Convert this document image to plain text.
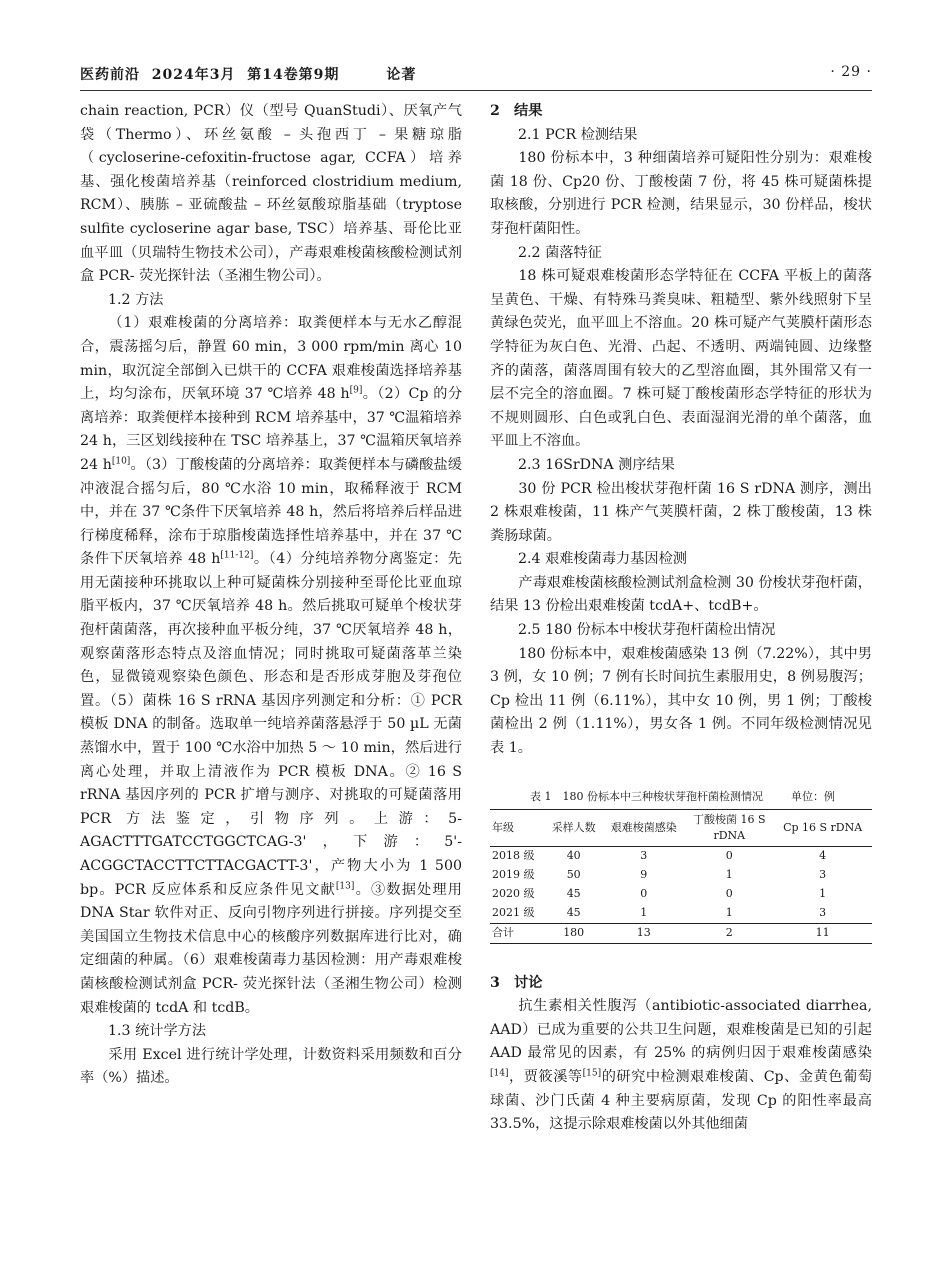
医药前沿  2024年3月  第14卷第9期        论著	· 29 ·

chain reaction, PCR）仪（型号 QuanStudi）、厌氧产气袋（Thermo）、环丝氨酸 – 头孢西丁 – 果糖琼脂（cycloserine-cefoxitin-fructose agar, CCFA）培养基、强化梭菌培养基（reinforced clostridium medium, RCM）、胰胨 – 亚硫酸盐 – 环丝氨酸琼脂基础（tryptose sulfite cycloserine agar base, TSC）培养基、哥伦比亚血平皿（贝瑞特生物技术公司），产毒艰难梭菌核酸检测试剂盒 PCR- 荧光探针法（圣湘生物公司）。

1.2 方法

（1）艰难梭菌的分离培养：取粪便样本与无水乙醇混合，震荡摇匀后，静置 60 min，3 000 rpm/min 离心 10 min，取沉淀全部倒入已烘干的 CCFA 艰难梭菌选择培养基上，均匀涂布，厌氧环境 37 ℃培养 48 h[9]。（2）Cp 的分离培养：取粪便样本接种到 RCM 培养基中，37 ℃温箱培养 24 h，三区划线接种在 TSC 培养基上，37 ℃温箱厌氧培养 24 h[10]。（3）丁酸梭菌的分离培养：取粪便样本与磷酸盐缓冲液混合摇匀后，80 ℃水浴 10 min，取稀释液于 RCM 中，并在 37 ℃条件下厌氧培养 48 h，然后将培养后样品进行梯度稀释，涂布于琼脂梭菌选择性培养基中，并在 37 ℃条件下厌氧培养 48 h[11-12]。（4）分纯培养物分离鉴定：先用无菌接种环挑取以上种可疑菌株分别接种至哥伦比亚血琼脂平板内，37 ℃厌氧培养 48 h。然后挑取可疑单个梭状芽孢杆菌菌落，再次接种血平板分纯，37 ℃厌氧培养 48 h，观察菌落形态特点及溶血情况；同时挑取可疑菌落革兰染色，显微镜观察染色颜色、形态和是否形成芽胞及芽孢位置。（5）菌株 16 S rRNA 基因序列测定和分析：① PCR 模板 DNA 的制备。选取单一纯培养菌落悬浮于 50 µL 无菌蒸馏水中，置于 100 ℃水浴中加热 5 ～ 10 min，然后进行离心处理，并取上清液作为 PCR 模板 DNA。② 16 S rRNA 基因序列的 PCR 扩增与测序、对挑取的可疑菌落用 PCR 方法鉴定，引物序列。上游：5-AGACTTTGATCCTGGCTCAG-3'，下游：5'-ACGGCTACCTTCTTACGACTT-3'，产物大小为 1 500 bp。PCR 反应体系和反应条件见文献[13]。③数据处理用 DNA Star 软件对正、反向引物序列进行拼接。序列提交至美国国立生物技术信息中心的核酸序列数据库进行比对，确定细菌的种属。（6）艰难梭菌毒力基因检测：用产毒艰难梭菌核酸检测试剂盒 PCR- 荧光探针法（圣湘生物公司）检测艰难梭菌的 tcdA 和 tcdB。

1.3 统计学方法

采用 Excel 进行统计学处理，计数资料采用频数和百分率（%）描述。

2　结果

2.1 PCR 检测结果

180 份标本中，3 种细菌培养可疑阳性分别为：艰难梭菌 18 份、Cp20 份、丁酸梭菌 7 份，将 45 株可疑菌株提取核酸，分别进行 PCR 检测，结果显示，30 份样品，梭状芽孢杆菌阳性。

2.2 菌落特征

18 株可疑艰难梭菌形态学特征在 CCFA 平板上的菌落呈黄色、干燥、有特殊马粪臭味、粗糙型、紫外线照射下呈黄绿色荧光，血平皿上不溶血。20 株可疑产气荚膜杆菌形态学特征为灰白色、光滑、凸起、不透明、两端钝圆、边缘整齐的菌落，菌落周围有较大的乙型溶血圈，其外围常又有一层不完全的溶血圈。7 株可疑丁酸梭菌形态学特征的形状为不规则圆形、白色或乳白色、表面湿润光滑的单个菌落，血平皿上不溶血。

2.3 16SrDNA 测序结果

30 份 PCR 检出梭状芽孢杆菌 16 S rDNA 测序，测出 2 株艰难梭菌，11 株产气荚膜杆菌，2 株丁酸梭菌，13 株粪肠球菌。

2.4 艰难梭菌毒力基因检测

产毒艰难梭菌核酸检测试剂盒检测 30 份梭状芽孢杆菌，结果 13 份检出艰难梭菌 tcdA+、tcdB+。

2.5 180 份标本中梭状芽孢杆菌检出情况

180 份标本中，艰难梭菌感染 13 例（7.22%），其中男 3 例，女 10 例；7 例有长时间抗生素服用史，8 例易腹泻；Cp 检出 11 例（6.11%），其中女 10 例，男 1 例；丁酸梭菌检出 2 例（1.11%），男女各 1 例。不同年级检测情况见表 1。

表 1　180 份标本中三种梭状芽孢杆菌检测情况	单位：例
年级	采样人数	艰难梭菌感染	丁酸梭菌 16 S rDNA	Cp 16 S rDNA
2018 级	40	3	0	4
2019 级	50	9	1	3
2020 级	45	0	0	1
2021 级	45	1	1	3
合计	180	13	2	11

3　讨论

抗生素相关性腹泻（antibiotic-associated diarrhea, AAD）已成为重要的公共卫生问题，艰难梭菌是已知的引起 AAD 最常见的因素，有 25% 的病例归因于艰难梭菌感染[14]，贾筱溪等[15]的研究中检测艰难梭菌、Cp、金黄色葡萄球菌、沙门氏菌 4 种主要病原菌，发现 Cp 的阳性率最高 33.5%，这提示除艰难梭菌以外其他细菌
